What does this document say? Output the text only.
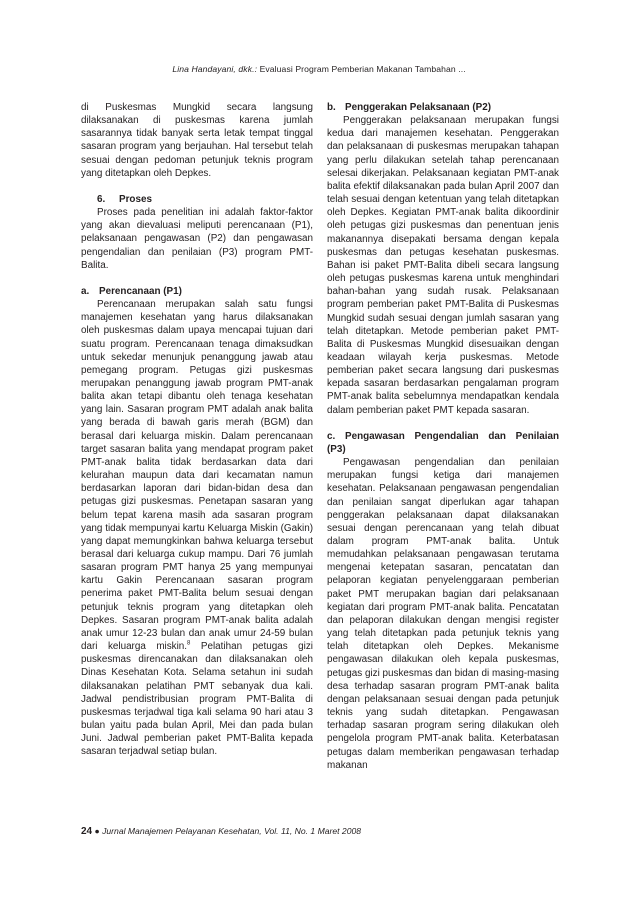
Lina Handayani, dkk.: Evaluasi Program Pemberian Makanan Tambahan ...

di Puskesmas Mungkid secara langsung dilaksanakan di puskesmas karena jumlah sasarannya tidak banyak serta letak tempat tinggal sasaran program yang berjauhan. Hal tersebut telah sesuai dengan pedoman petunjuk teknis program yang ditetapkan oleh Depkes.

6. Proses

Proses pada penelitian ini adalah faktor-faktor yang akan dievaluasi meliputi perencanaan (P1), pelaksanaan pengawasan (P2) dan pengawasan pengendalian dan penilaian (P3) program PMT-Balita.

a. Perencanaan (P1)

Perencanaan merupakan salah satu fungsi manajemen kesehatan yang harus dilaksanakan oleh puskesmas dalam upaya mencapai tujuan dari suatu program. Perencanaan tenaga dimaksudkan untuk sekedar menunjuk penanggung jawab atau pemegang program. Petugas gizi puskesmas merupakan penanggung jawab program PMT-anak balita akan tetapi dibantu oleh tenaga kesehatan yang lain. Sasaran program PMT adalah anak balita yang berada di bawah garis merah (BGM) dan berasal dari keluarga miskin. Dalam perencanaan target sasaran balita yang mendapat program paket PMT-anak balita tidak berdasarkan data dari kelurahan maupun data dari kecamatan namun berdasarkan laporan dari bidan-bidan desa dan petugas gizi puskesmas. Penetapan sasaran yang belum tepat karena masih ada sasaran program yang tidak mempunyai kartu Keluarga Miskin (Gakin) yang dapat memungkinkan bahwa keluarga tersebut berasal dari keluarga cukup mampu. Dari 76 jumlah sasaran program PMT hanya 25 yang mempunyai kartu Gakin Perencanaan sasaran program penerima paket PMT-Balita belum sesuai dengan petunjuk teknis program yang ditetapkan oleh Depkes. Sasaran program PMT-anak balita adalah anak umur 12-23 bulan dan anak umur 24-59 bulan dari keluarga miskin.$^8$ Pelatihan petugas gizi puskesmas direncanakan dan dilaksanakan oleh Dinas Kesehatan Kota. Selama setahun ini sudah dilaksanakan pelatihan PMT sebanyak dua kali. Jadwal pendistribusian program PMT-Balita di puskesmas terjadwal tiga kali selama 90 hari atau 3 bulan yaitu pada bulan April, Mei dan pada bulan Juni. Jadwal pemberian paket PMT-Balita kepada sasaran terjadwal setiap bulan.

b. Penggerakan Pelaksanaan (P2)

Penggerakan pelaksanaan merupakan fungsi kedua dari manajemen kesehatan. Penggerakan dan pelaksanaan di puskesmas merupakan tahapan yang perlu dilakukan setelah tahap perencanaan selesai dikerjakan. Pelaksanaan kegiatan PMT-anak balita efektif dilaksanakan pada bulan April 2007 dan telah sesuai dengan ketentuan yang telah ditetapkan oleh Depkes. Kegiatan PMT-anak balita dikoordinir oleh petugas gizi puskesmas dan penentuan jenis makanannya disepakati bersama dengan kepala puskesmas dan petugas kesehatan puskesmas. Bahan isi paket PMT-Balita dibeli secara langsung oleh petugas puskesmas karena untuk menghindari bahan-bahan yang sudah rusak. Pelaksanaan program pemberian paket PMT-Balita di Puskesmas Mungkid sudah sesuai dengan jumlah sasaran yang telah ditetapkan. Metode pemberian paket PMT-Balita di Puskesmas Mungkid disesuaikan dengan keadaan wilayah kerja puskesmas. Metode pemberian paket secara langsung dari puskesmas kepada sasaran berdasarkan pengalaman program PMT-anak balita sebelumnya mendapatkan kendala dalam pemberian paket PMT kepada sasaran.

c. Pengawasan Pengendalian dan Penilaian (P3)

Pengawasan pengendalian dan penilaian merupakan fungsi ketiga dari manajemen kesehatan. Pelaksanaan pengawasan pengendalian dan penilaian sangat diperlukan agar tahapan penggerakan pelaksanaan dapat dilaksanakan sesuai dengan perencanaan yang telah dibuat dalam program PMT-anak balita. Untuk memudahkan pelaksanaan pengawasan terutama mengenai ketepatan sasaran, pencatatan dan pelaporan kegiatan penyelenggaraan pemberian paket PMT merupakan bagian dari pelaksanaan kegiatan dari program PMT-anak balita. Pencatatan dan pelaporan dilakukan dengan mengisi register yang telah ditetapkan pada petunjuk teknis yang telah ditetapkan oleh Depkes. Mekanisme pengawasan dilakukan oleh kepala puskesmas, petugas gizi puskesmas dan bidan di masing-masing desa terhadap sasaran program PMT-anak balita dengan pelaksanaan sesuai dengan pada petunjuk teknis yang sudah ditetapkan. Pengawasan terhadap sasaran program sering dilakukan oleh pengelola program PMT-anak balita. Keterbatasan petugas dalam memberikan pengawasan terhadap makanan

24 ● Jurnal Manajemen Pelayanan Kesehatan, Vol. 11, No. 1 Maret 2008
